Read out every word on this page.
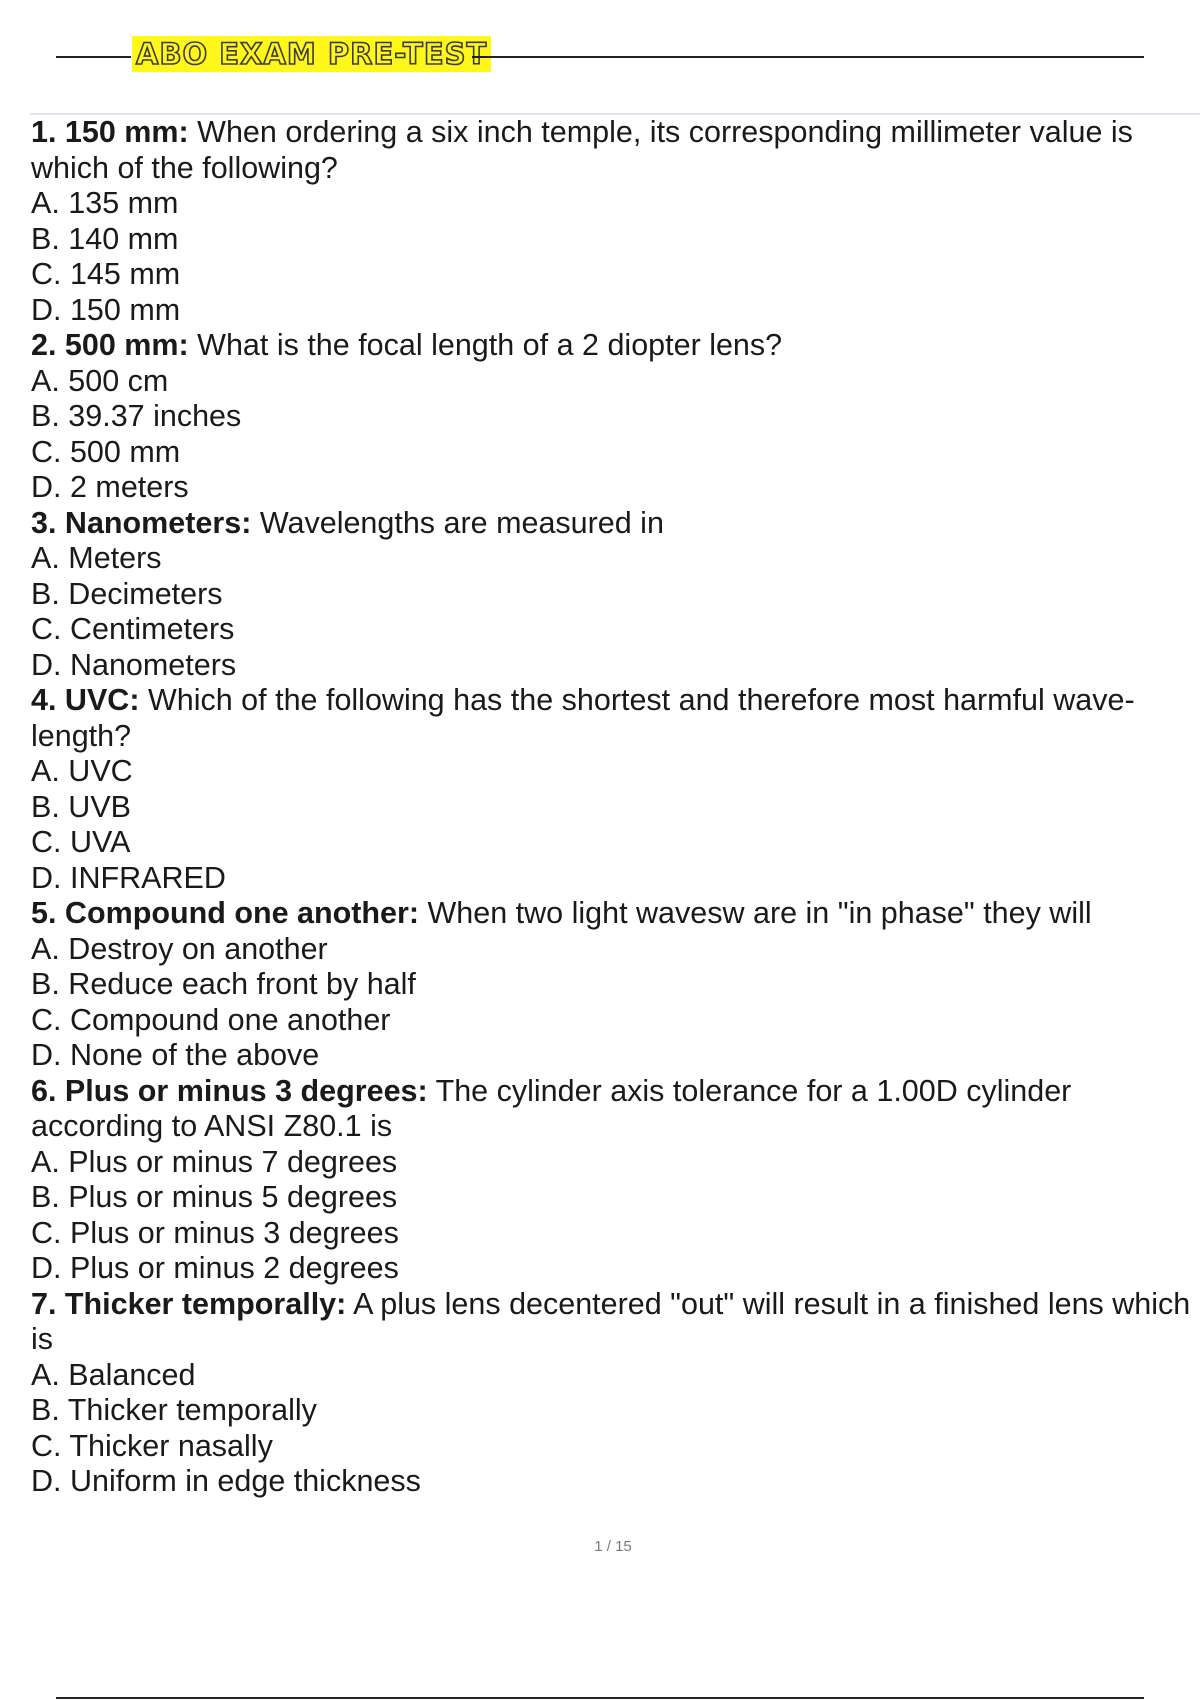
ABO EXAM PRE-TEST

1. 150 mm: When ordering a six inch temple, its corresponding millimeter value is which of the following?

A. 135 mm

B. 140 mm

C. 145 mm

D. 150 mm

2. 500 mm: What is the focal length of a 2 diopter lens?

A. 500 cm

B. 39.37 inches

C. 500 mm

D. 2 meters

3. Nanometers: Wavelengths are measured in

A. Meters

B. Decimeters

C. Centimeters

D. Nanometers

4. UVC: Which of the following has the shortest and therefore most harmful wave-length?

A. UVC

B. UVB

C. UVA

D. INFRARED

5. Compound one another: When two light wavesw are in "in phase" they will

A. Destroy on another

B. Reduce each front by half

C. Compound one another

D. None of the above

6. Plus or minus 3 degrees: The cylinder axis tolerance for a 1.00D cylinder according to ANSI Z80.1 is

A. Plus or minus 7 degrees

B. Plus or minus 5 degrees

C. Plus or minus 3 degrees

D. Plus or minus 2 degrees

7. Thicker temporally: A plus lens decentered "out" will result in a finished lens which is

A. Balanced

B. Thicker temporally

C. Thicker nasally

D. Uniform in edge thickness

1 / 15
